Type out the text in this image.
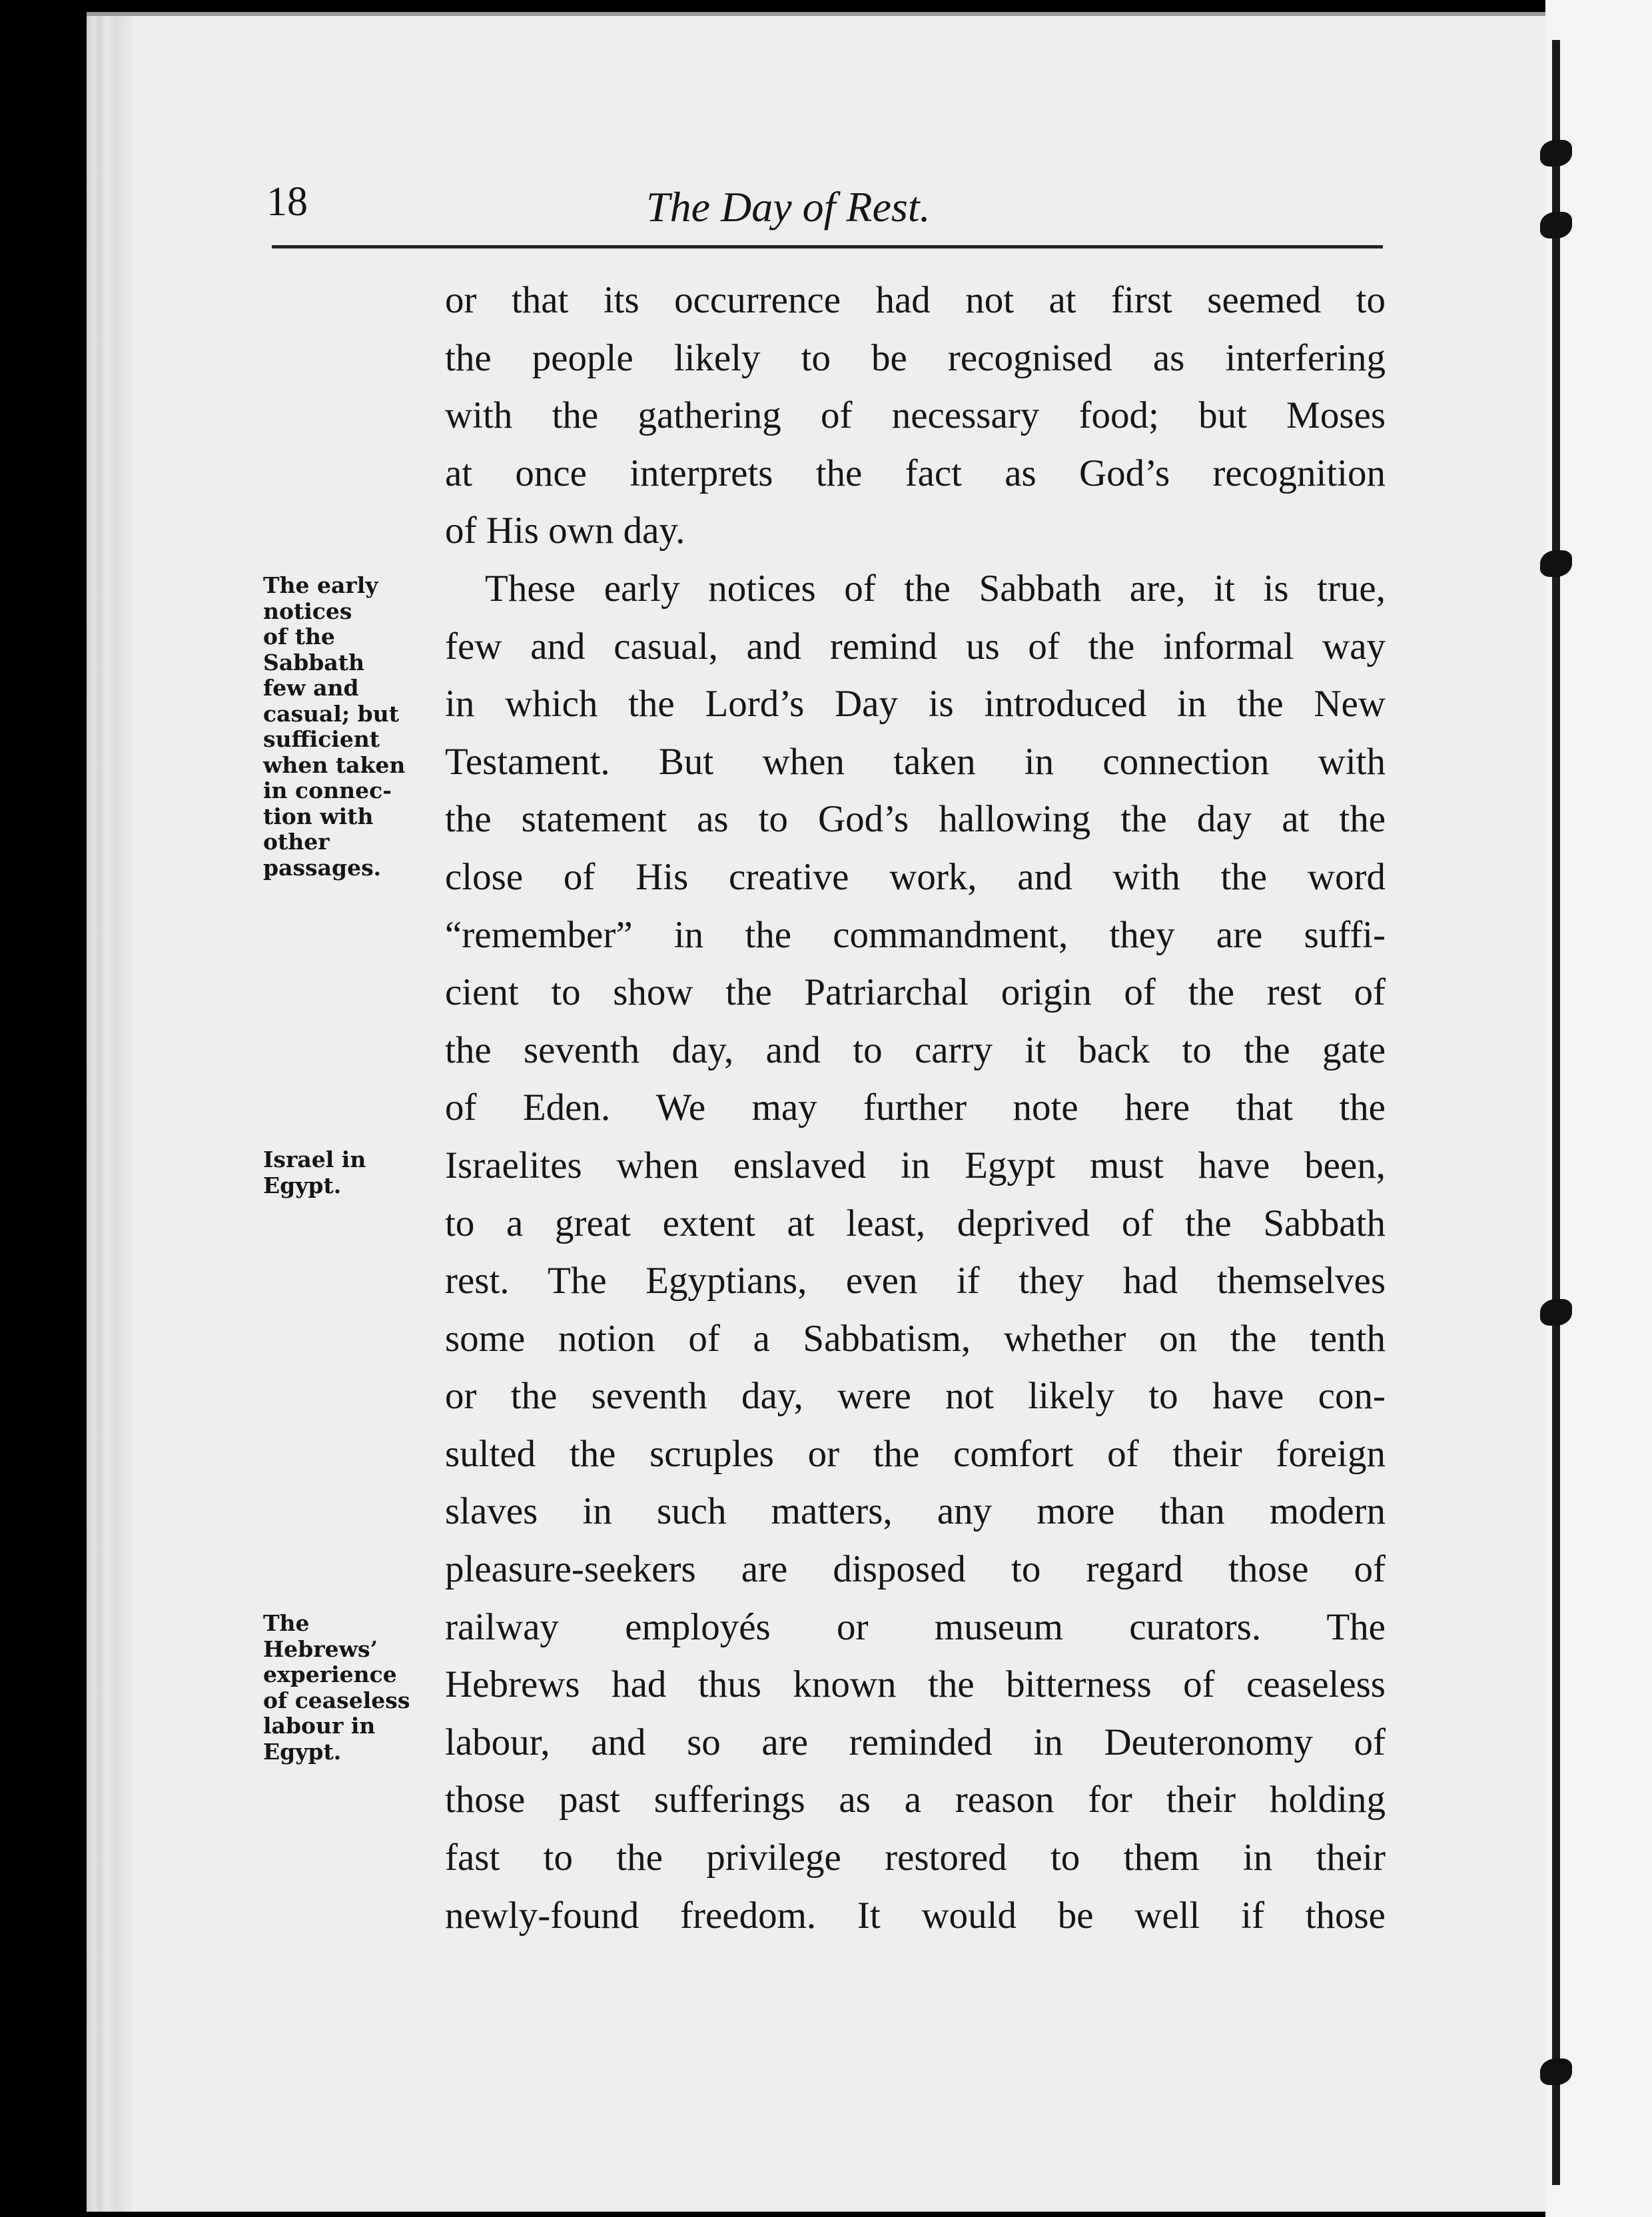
18	The Day of Rest.
or that its occurrence had not at first seemed to
the people likely to be recognised as interfering
with the gathering of necessary food; but Moses
at once interprets the fact as God’s recognition
of His own day.
These early notices of the Sabbath are, it is true,
few and casual, and remind us of the informal way
in which the Lord’s Day is introduced in the New
Testament. But when taken in connection with
the statement as to God’s hallowing the day at the
close of His creative work, and with the word
“remember” in the commandment, they are suffi-
cient to show the Patriarchal origin of the rest of
the seventh day, and to carry it back to the gate
of Eden. We may further note here that the
Israelites when enslaved in Egypt must have been,
to a great extent at least, deprived of the Sabbath
rest. The Egyptians, even if they had themselves
some notion of a Sabbatism, whether on the tenth
or the seventh day, were not likely to have con-
sulted the scruples or the comfort of their foreign
slaves in such matters, any more than modern
pleasure-seekers are disposed to regard those of
railway employés or museum curators. The
Hebrews had thus known the bitterness of ceaseless
labour, and so are reminded in Deuteronomy of
those past sufferings as a reason for their holding
fast to the privilege restored to them in their
newly-found freedom. It would be well if those
The early
notices
of the
Sabbath
few and
casual; but
sufficient
when taken
in connec-
tion with
other
passages.
Israel in
Egypt.
The
Hebrews’
experience
of ceaseless
labour in
Egypt.
